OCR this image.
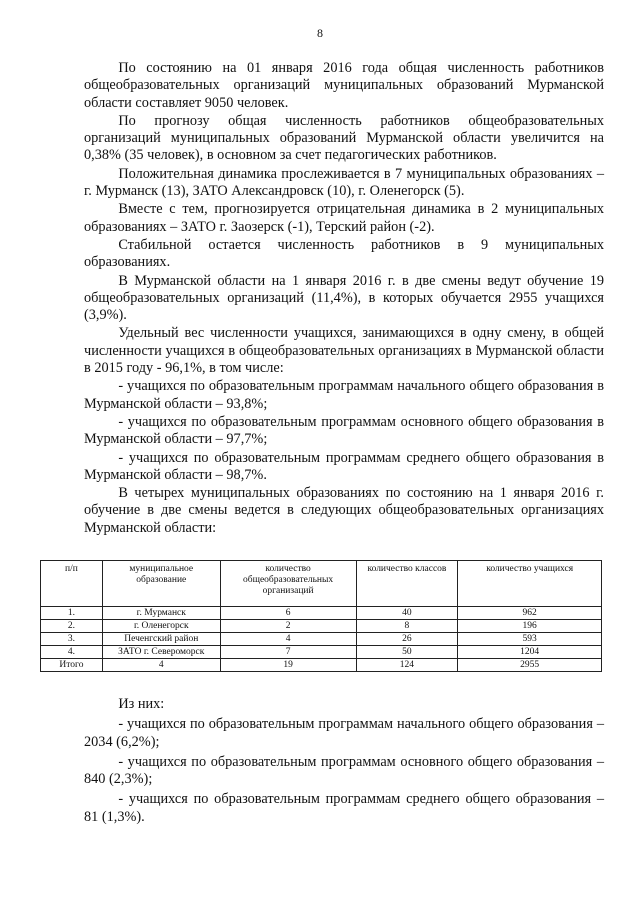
8

По состоянию на 01 января 2016 года общая численность работников общеобразовательных организаций муниципальных образований Мурманской области составляет 9050 человек.

По прогнозу общая численность работников общеобразовательных организаций муниципальных образований Мурманской области увеличится на 0,38% (35 человек), в основном за счет педагогических работников.

Положительная динамика прослеживается в 7 муниципальных образованиях – г. Мурманск (13), ЗАТО Александровск (10), г. Оленегорск (5).

Вместе с тем, прогнозируется отрицательная динамика в 2 муниципальных образованиях – ЗАТО г. Заозерск (-1), Терский район (-2).

Стабильной остается численность работников в 9 муниципальных образованиях.

В Мурманской области на 1 января 2016 г. в две смены ведут обучение 19 общеобразовательных организаций (11,4%), в которых обучается 2955 учащихся (3,9%).

Удельный вес численности учащихся, занимающихся в одну смену, в общей численности учащихся в общеобразовательных организациях в Мурманской области в 2015 году - 96,1%, в том числе:

- учащихся по образовательным программам начального общего образования в Мурманской области – 93,8%;

- учащихся по образовательным программам основного общего образования в Мурманской области – 97,7%;

- учащихся по образовательным программам среднего общего образования в Мурманской области – 98,7%.

В четырех муниципальных образованиях по состоянию на 1 января 2016 г. обучение в две смены ведется в следующих общеобразовательных организациях Мурманской области:

п/п	муниципальное образование	количество общеобразовательных организаций	количество классов	количество учащихся
1.	г. Мурманск	6	40	962
2.	г. Оленегорск	2	8	196
3.	Печенгский район	4	26	593
4.	ЗАТО г. Североморск	7	50	1204
Итого	4	19	124	2955

Из них:

- учащихся по образовательным программам начального общего образования – 2034 (6,2%);

- учащихся по образовательным программам основного общего образования – 840 (2,3%);

- учащихся по образовательным программам среднего общего образования – 81 (1,3%).
